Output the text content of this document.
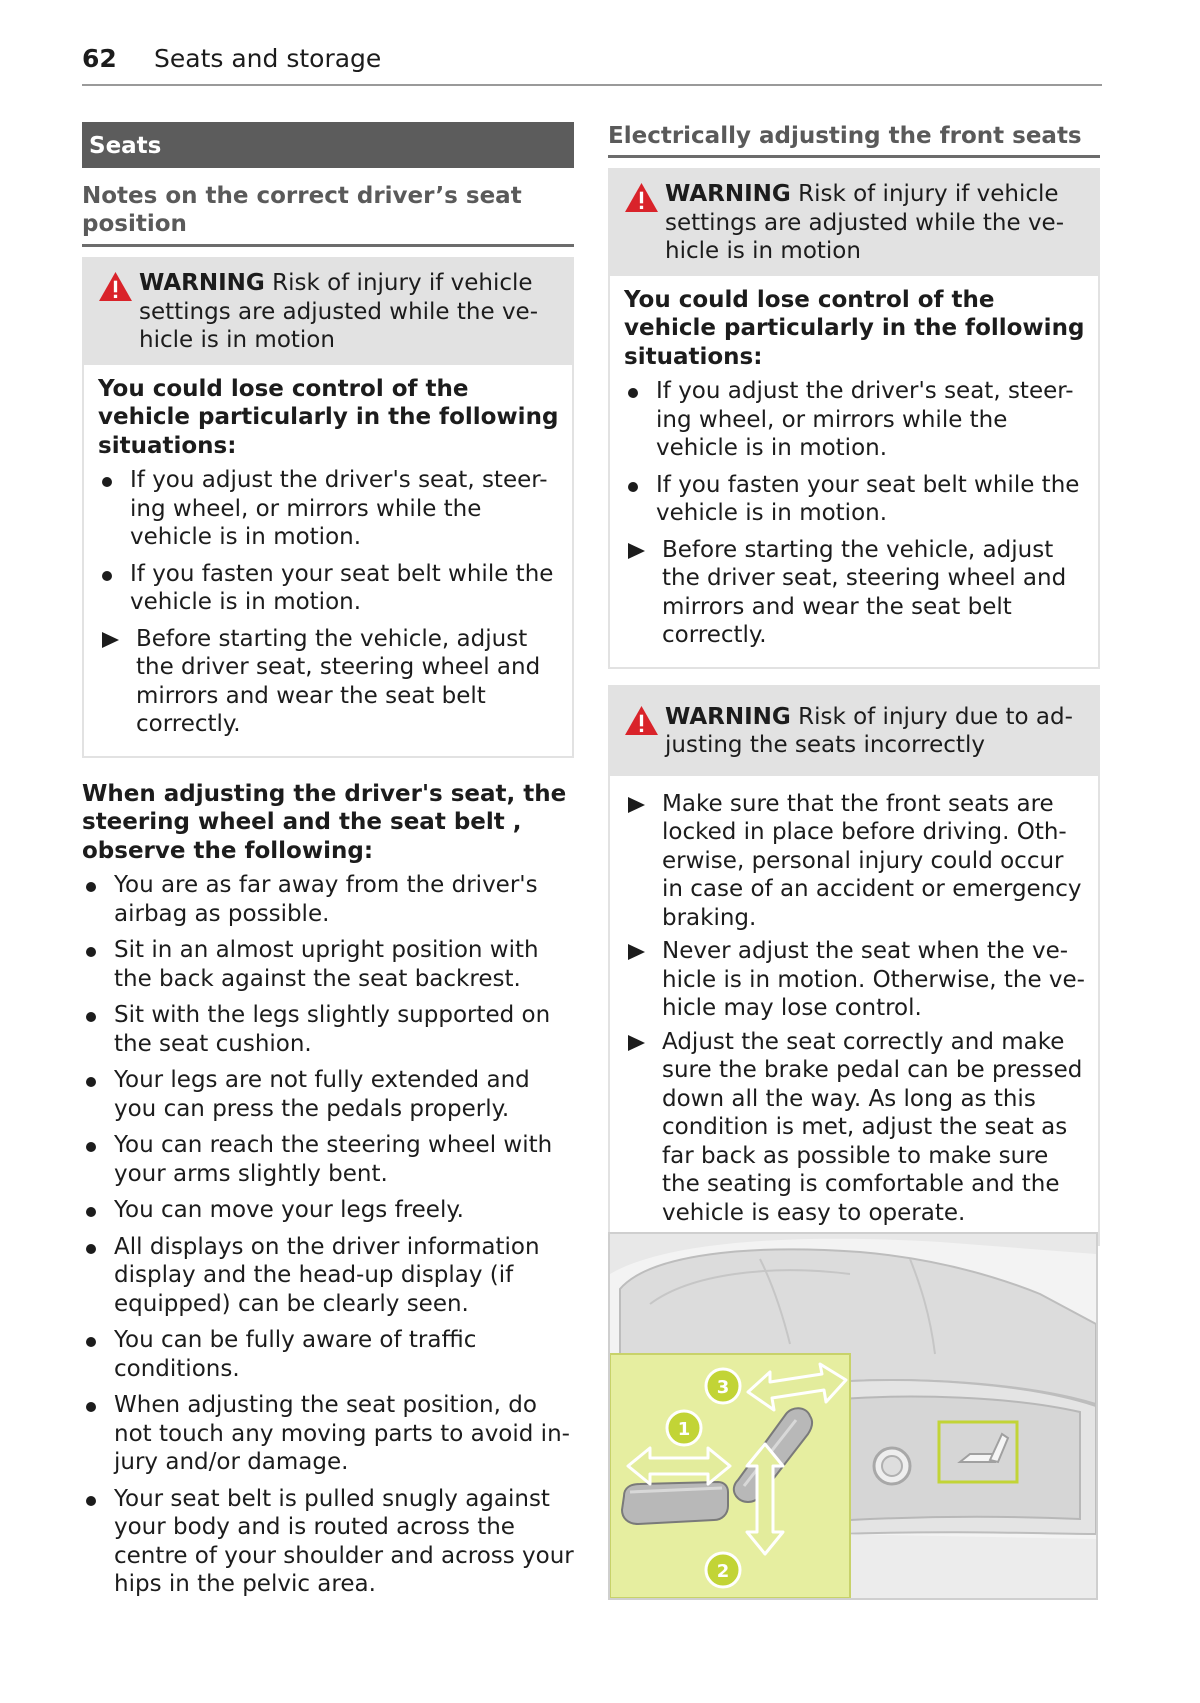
62 Seats and storage
Seats
Notes on the correct driver’s seat position
WARNING Risk of injury if vehicle settings are adjusted while the ve-hicle is in motion
You could lose control of the vehicle particularly in the following situations:
If you adjust the driver's seat, steer-ing wheel, or mirrors while the vehicle is in motion.
If you fasten your seat belt while the vehicle is in motion.
Before starting the vehicle, adjust the driver seat, steering wheel and mirrors and wear the seat belt correctly.
When adjusting the driver's seat, the steering wheel and the seat belt , observe the following:
You are as far away from the driver's airbag as possible.
Sit in an almost upright position with the back against the seat backrest.
Sit with the legs slightly supported on the seat cushion.
Your legs are not fully extended and you can press the pedals properly.
You can reach the steering wheel with your arms slightly bent.
You can move your legs freely.
All displays on the driver information display and the head-up display (if equipped) can be clearly seen.
You can be fully aware of traffic conditions.
When adjusting the seat position, do not touch any moving parts to avoid in-jury and/or damage.
Your seat belt is pulled snugly against your body and is routed across the centre of your shoulder and across your hips in the pelvic area.
Electrically adjusting the front seats
WARNING Risk of injury if vehicle settings are adjusted while the ve-hicle is in motion
You could lose control of the vehicle particularly in the following situations:
If you adjust the driver's seat, steer-ing wheel, or mirrors while the vehicle is in motion.
If you fasten your seat belt while the vehicle is in motion.
Before starting the vehicle, adjust the driver seat, steering wheel and mirrors and wear the seat belt correctly.
WARNING Risk of injury due to ad-justing the seats incorrectly
Make sure that the front seats are locked in place before driving. Oth-erwise, personal injury could occur in case of an accident or emergency braking.
Never adjust the seat when the ve-hicle is in motion. Otherwise, the ve-hicle may lose control.
Adjust the seat correctly and make sure the brake pedal can be pressed down all the way. As long as this condition is met, adjust the seat as far back as possible to make sure the seating is comfortable and the vehicle is easy to operate.
1
2
3
